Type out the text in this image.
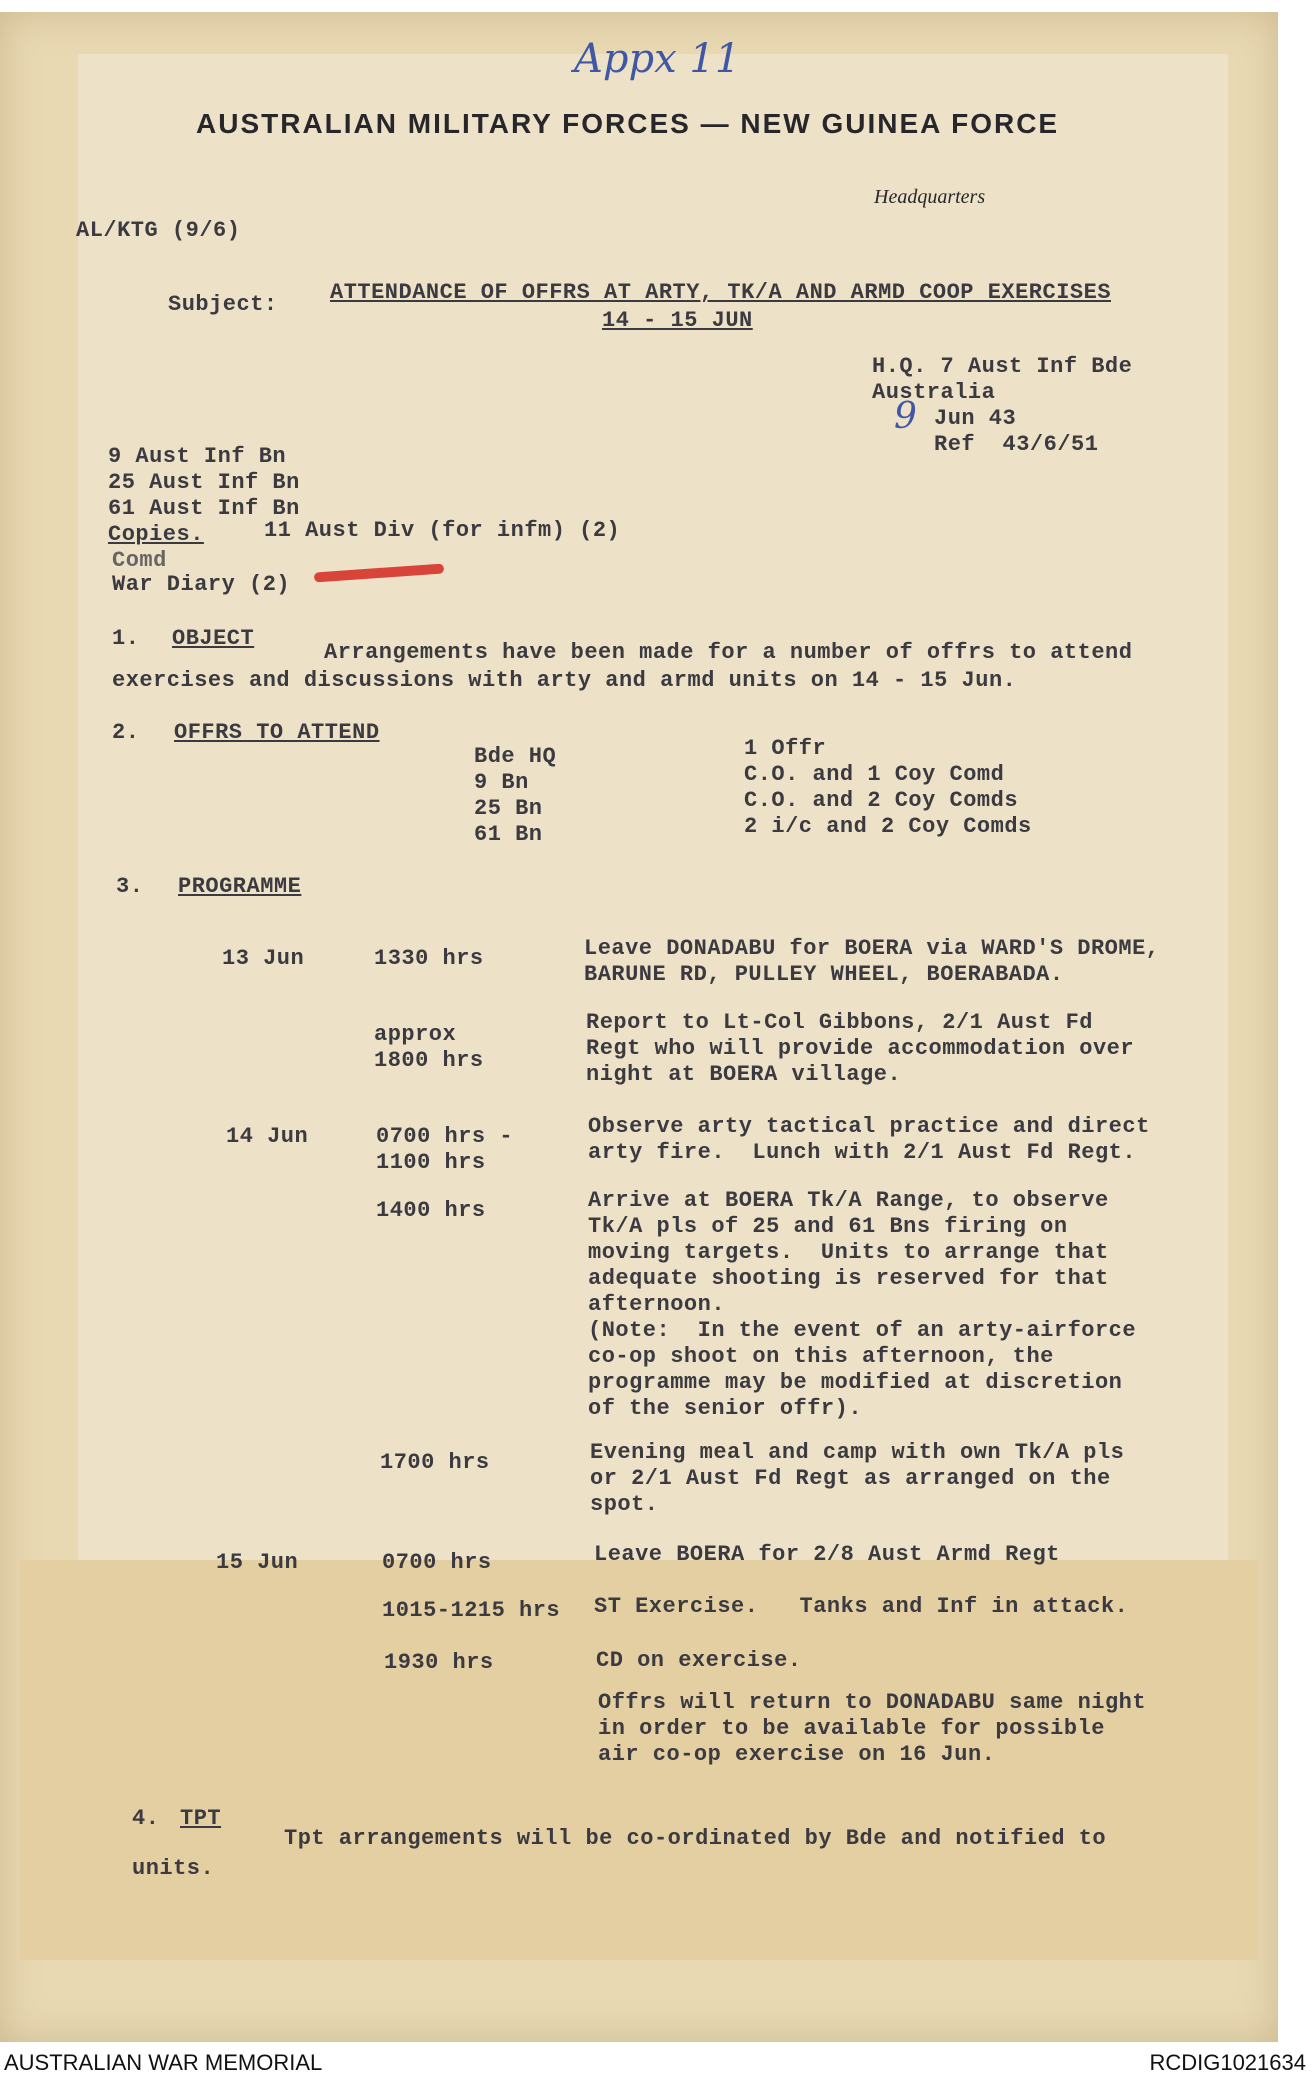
Appx 11
AUSTRALIAN MILITARY FORCES — NEW GUINEA FORCE
Headquarters
AL/KTG (9/6)
Subject: ATTENDANCE OF OFFRS AT ARTY, TK/A AND ARMD COOP EXERCISES
14 - 15 JUN
H.Q. 7 Aust Inf Bde
Australia
9 Jun 43
Ref  43/6/51
9 Aust Inf Bn
25 Aust Inf Bn
61 Aust Inf Bn
Copies.	11 Aust Div (for infm) (2)
Comd
War Diary (2)
1. OBJECT
Arrangements have been made for a number of offrs to attend
exercises and discussions with arty and armd units on 14 - 15 Jun.
2. OFFRS TO ATTEND
Bde HQ	1 Offr
9 Bn	C.O. and 1 Coy Comd
25 Bn	C.O. and 2 Coy Comds
61 Bn	2 i/c and 2 Coy Comds
3. PROGRAMME
13 Jun	1330 hrs	Leave DONADABU for BOERA via WARD'S DROME,
BARUNE RD, PULLEY WHEEL, BOERABADA.
approx
1800 hrs
Report to Lt-Col Gibbons, 2/1 Aust Fd
Regt who will provide accommodation over
night at BOERA village.
14 Jun	0700 hrs -
1100 hrs
Observe arty tactical practice and direct
arty fire.  Lunch with 2/1 Aust Fd Regt.
1400 hrs	Arrive at BOERA Tk/A Range, to observe
Tk/A pls of 25 and 61 Bns firing on
moving targets.  Units to arrange that
adequate shooting is reserved for that
afternoon.
(Note:  In the event of an arty-airforce
co-op shoot on this afternoon, the
programme may be modified at discretion
of the senior offr).
1700 hrs	Evening meal and camp with own Tk/A pls
or 2/1 Aust Fd Regt as arranged on the
spot.
15 Jun	0700 hrs	Leave BOERA for 2/8 Aust Armd Regt
1015-1215 hrs ST Exercise.   Tanks and Inf in attack.
1930 hrs	CD on exercise.
Offrs will return to DONADABU same night
in order to be available for possible
air co-op exercise on 16 Jun.
4. TPT
Tpt arrangements will be co-ordinated by Bde and notified to
units.
AUSTRALIAN WAR MEMORIAL	RCDIG1021634
